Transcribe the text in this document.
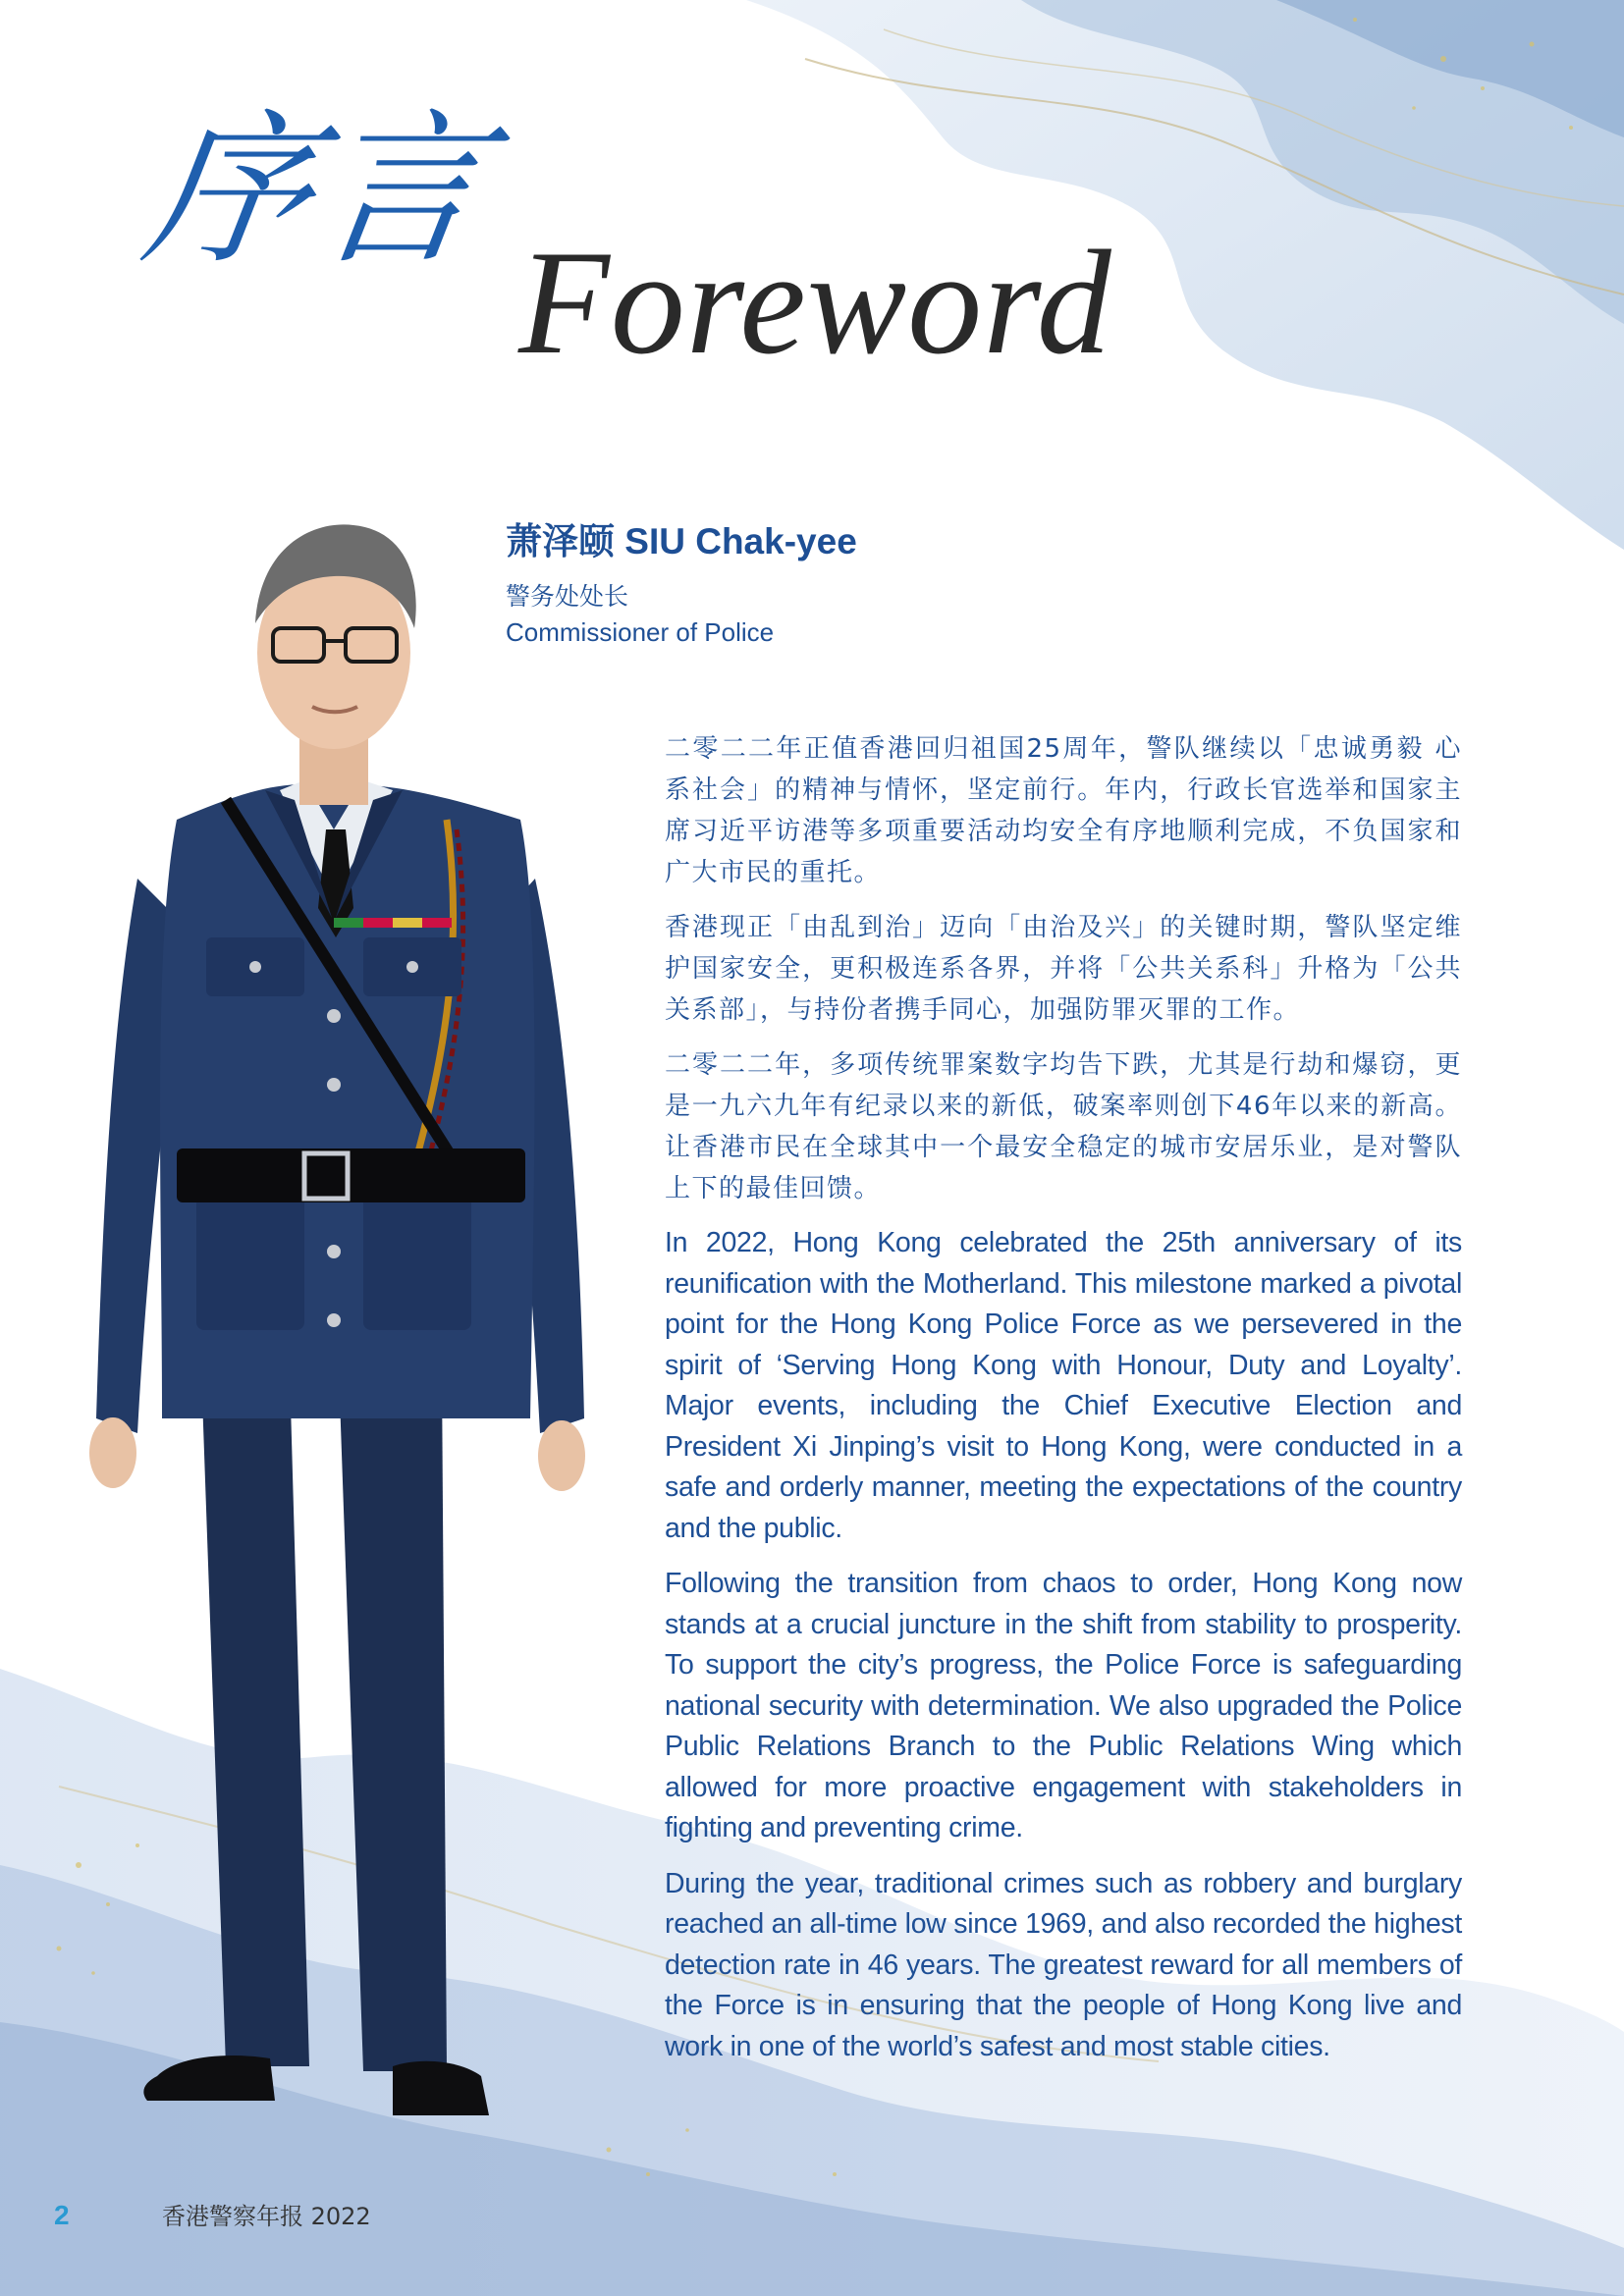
序言
Foreword
萧泽颐 SIU Chak-yee
警务处处长
Commissioner of Police

二零二二年正值香港回归祖国25周年，警队继续以「忠诚勇毅 心系社会」的精神与情怀，坚定前行。年内，行政长官选举和国家主席习近平访港等多项重要活动均安全有序地顺利完成，不负国家和广大市民的重托。

香港现正「由乱到治」迈向「由治及兴」的关键时期，警队坚定维护国家安全，更积极连系各界，并将「公共关系科」升格为「公共关系部」，与持份者携手同心，加强防罪灭罪的工作。

二零二二年，多项传统罪案数字均告下跌，尤其是行劫和爆窃，更是一九六九年有纪录以来的新低，破案率则创下46年以来的新高。让香港市民在全球其中一个最安全稳定的城市安居乐业，是对警队上下的最佳回馈。

In 2022, Hong Kong celebrated the 25th anniversary of its reunification with the Motherland. This milestone marked a pivotal point for the Hong Kong Police Force as we persevered in the spirit of ‘Serving Hong Kong with Honour, Duty and Loyalty’. Major events, including the Chief Executive Election and President Xi Jinping’s visit to Hong Kong, were conducted in a safe and orderly manner, meeting the expectations of the country and the public.

Following the transition from chaos to order, Hong Kong now stands at a crucial juncture in the shift from stability to prosperity. To support the city’s progress, the Police Force is safeguarding national security with determination. We also upgraded the Police Public Relations Branch to the Public Relations Wing which allowed for more proactive engagement with stakeholders in fighting and preventing crime.

During the year, traditional crimes such as robbery and burglary reached an all-time low since 1969, and also recorded the highest detection rate in 46 years. The greatest reward for all members of the Force is in ensuring that the people of Hong Kong live and work in one of the world’s safest and most stable cities.

2	香港警察年报 2022
